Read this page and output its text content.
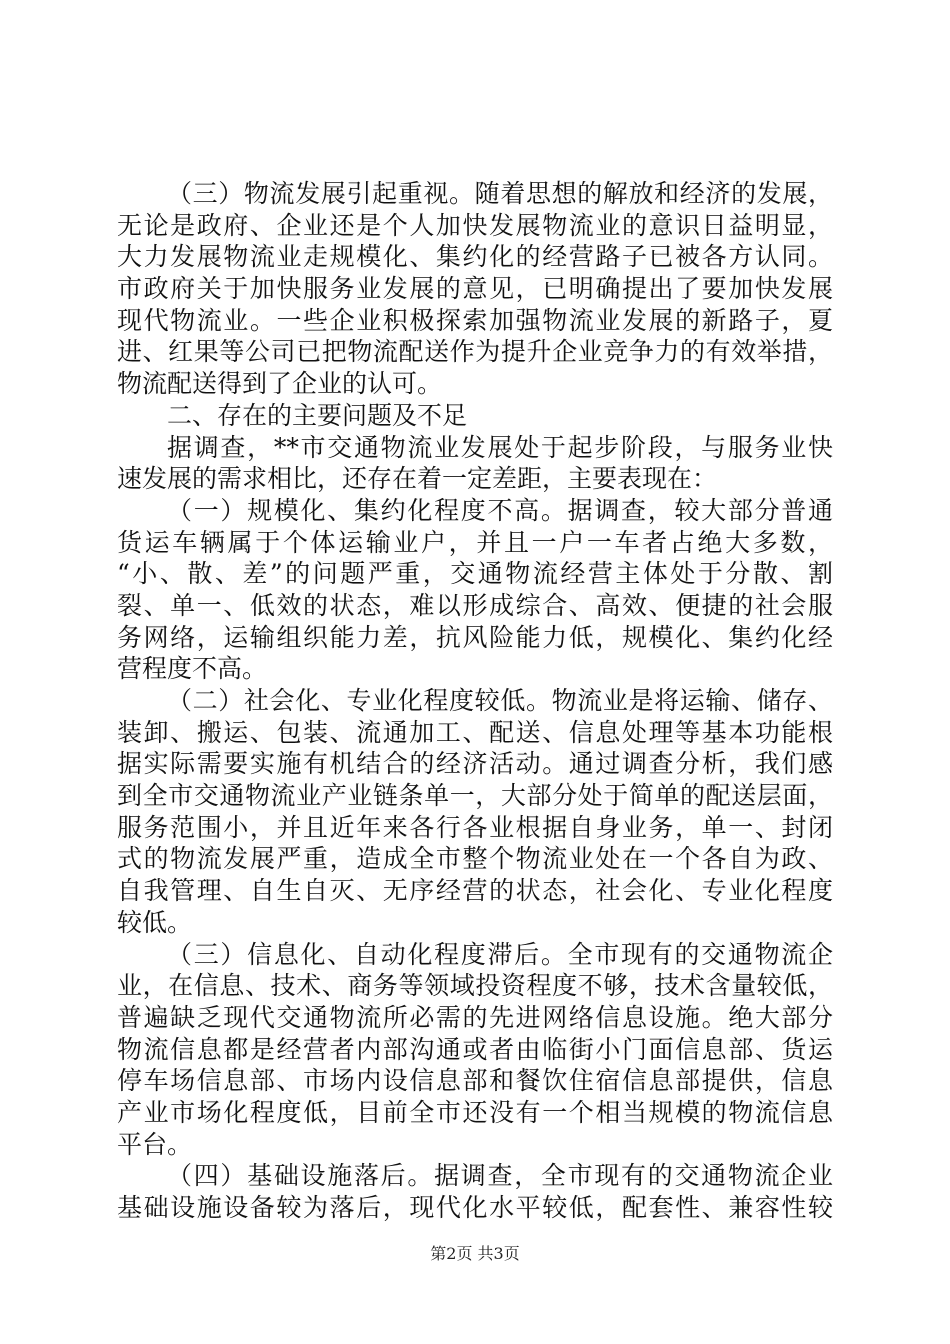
（三）物流发展引起重视。随着思想的解放和经济的发展，
无论是政府、企业还是个人加快发展物流业的意识日益明显，
大力发展物流业走规模化、集约化的经营路子已被各方认同。
市政府关于加快服务业发展的意见，已明确提出了要加快发展
现代物流业。一些企业积极探索加强物流业发展的新路子，夏
进、红果等公司已把物流配送作为提升企业竞争力的有效举措，
物流配送得到了企业的认可。
二、存在的主要问题及不足
据调查，**市交通物流业发展处于起步阶段，与服务业快
速发展的需求相比，还存在着一定差距，主要表现在：
（一）规模化、集约化程度不高。据调查，较大部分普通
货运车辆属于个体运输业户，并且一户一车者占绝大多数，
“小、散、差”的问题严重，交通物流经营主体处于分散、割
裂、单一、低效的状态，难以形成综合、高效、便捷的社会服
务网络，运输组织能力差，抗风险能力低，规模化、集约化经
营程度不高。
（二）社会化、专业化程度较低。物流业是将运输、储存、
装卸、搬运、包装、流通加工、配送、信息处理等基本功能根
据实际需要实施有机结合的经济活动。通过调查分析，我们感
到全市交通物流业产业链条单一，大部分处于简单的配送层面，
服务范围小，并且近年来各行各业根据自身业务，单一、封闭
式的物流发展严重，造成全市整个物流业处在一个各自为政、
自我管理、自生自灭、无序经营的状态，社会化、专业化程度
较低。
（三）信息化、自动化程度滞后。全市现有的交通物流企
业，在信息、技术、商务等领域投资程度不够，技术含量较低，
普遍缺乏现代交通物流所必需的先进网络信息设施。绝大部分
物流信息都是经营者内部沟通或者由临街小门面信息部、货运
停车场信息部、市场内设信息部和餐饮住宿信息部提供，信息
产业市场化程度低，目前全市还没有一个相当规模的物流信息
平台。
（四）基础设施落后。据调查，全市现有的交通物流企业
基础设施设备较为落后，现代化水平较低，配套性、兼容性较
第2页 共3页
